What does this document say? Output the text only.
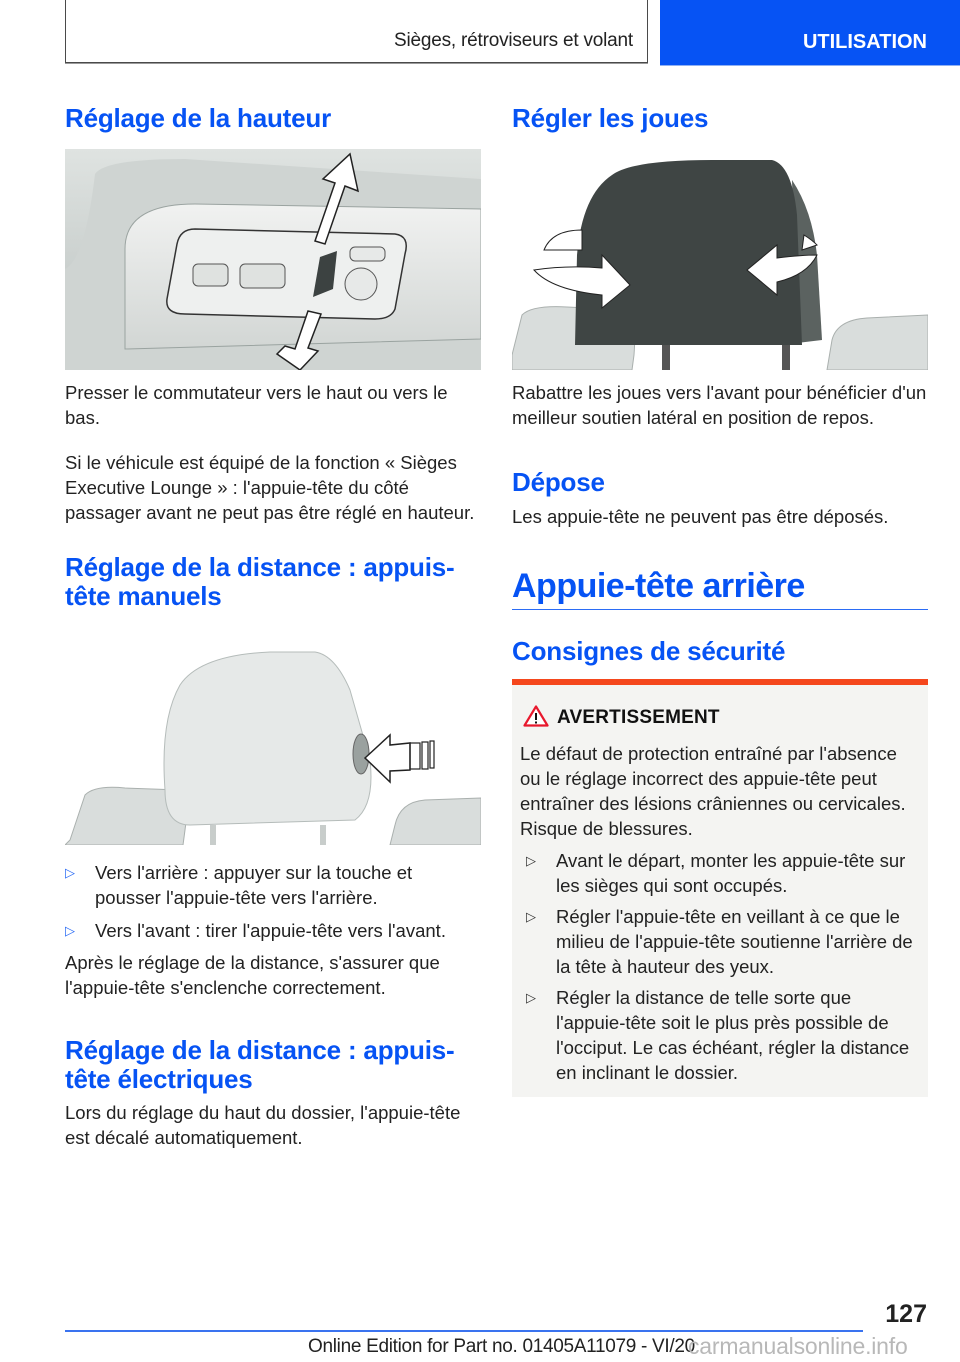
Sièges, rétroviseurs et volant	UTILISATION
Réglage de la hauteur

Presser le commutateur vers le haut ou vers le bas.

Si le véhicule est équipé de la fonction « Sièges Executive Lounge » : l'appuie-tête du côté passager avant ne peut pas être réglé en hauteur.

Réglage de la distance : appuis-
tête manuels
▷ Vers l'arrière : appuyer sur la touche et pousser l'appuie-tête vers l'arrière.
▷ Vers l'avant : tirer l'appuie-tête vers l'avant.

Après le réglage de la distance, s'assurer que l'appuie-tête s'enclenche correctement.

Réglage de la distance : appuis-
tête électriques

Lors du réglage du haut du dossier, l'appuie-tête est décalé automatiquement.

Régler les joues

Rabattre les joues vers l'avant pour bénéficier d'un meilleur soutien latéral en position de repos.

Dépose

Les appuie-tête ne peuvent pas être déposés.

Appuie-tête arrière
Consignes de sécurité
AVERTISSEMENT

Le défaut de protection entraîné par l'absence ou le réglage incorrect des appuie-tête peut entraîner des lésions crâniennes ou cervicales. Risque de blessures.

▷ Avant le départ, monter les appuie-tête sur les sièges qui sont occupés.
▷ Régler l'appuie-tête en veillant à ce que le milieu de l'appuie-tête soutienne l'arrière de la tête à hauteur des yeux.
▷ Régler la distance de telle sorte que l'appuie-tête soit le plus près possible de l'occiput. Le cas échéant, régler la distance en inclinant le dossier.
127
Online Edition for Part no. 01405A11079 - VI/20
carmanualsonline.info
